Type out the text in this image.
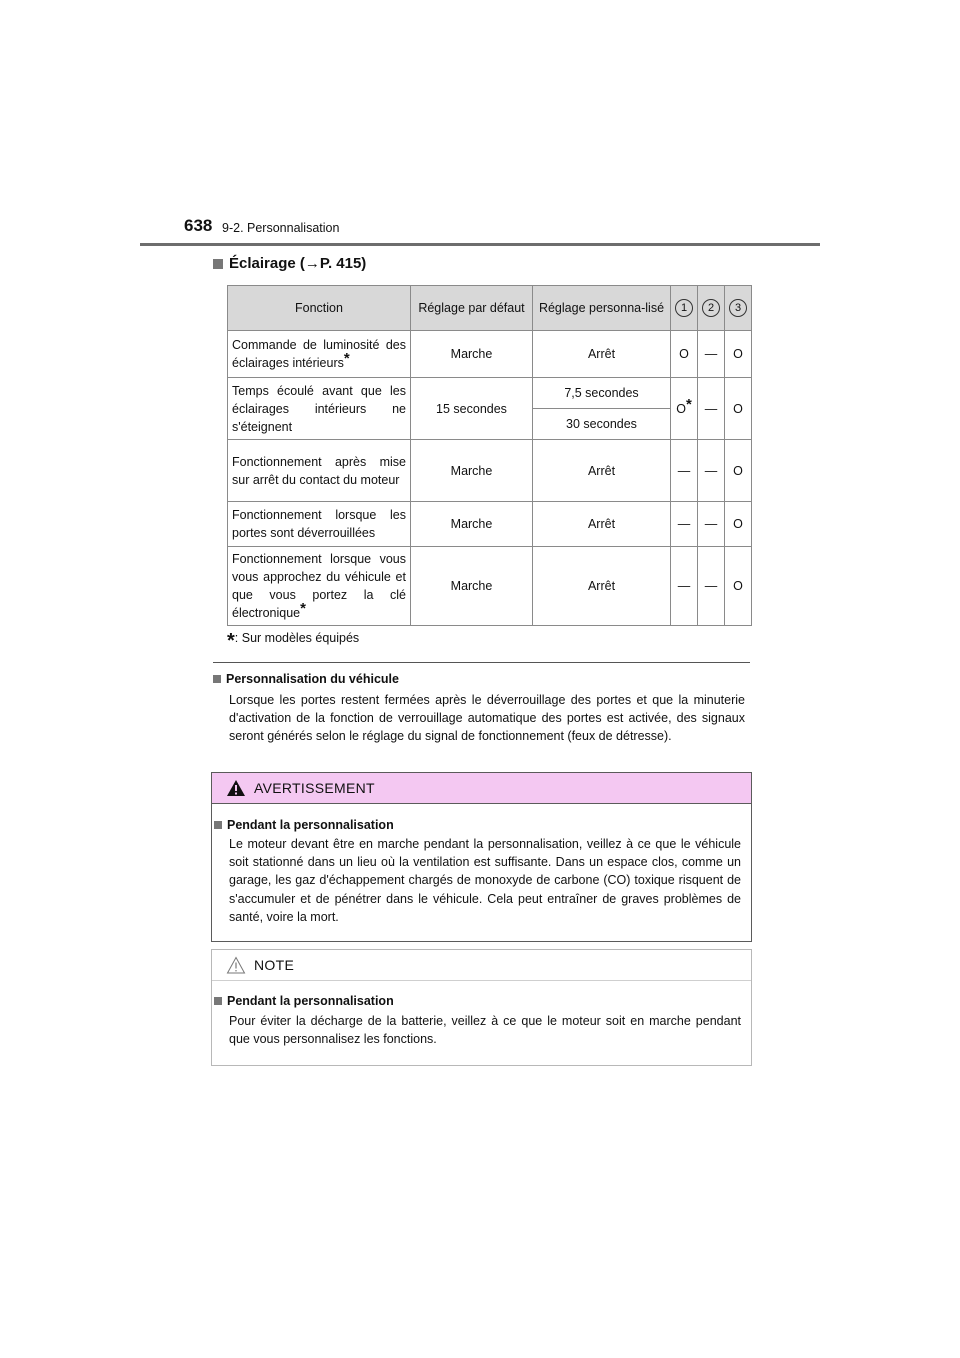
638 9-2. Personnalisation
Éclairage (→P. 415)
Fonction	Réglage par défaut	Réglage personna-lisé	1	2	3
Commande de luminosité des éclairages intérieurs*	Marche	Arrêt	O	—	O
Temps écoulé avant que les éclairages intérieurs ne s'éteignent	15 secondes	7,5 secondes	O*	—	O
		30 secondes			
Fonctionnement après mise sur arrêt du contact du moteur	Marche	Arrêt	—	—	O
Fonctionnement lorsque les portes sont déverrouillées	Marche	Arrêt	—	—	O
Fonctionnement lorsque vous vous approchez du véhicule et que vous portez la clé électronique*	Marche	Arrêt	—	—	O
*: Sur modèles équipés
Personnalisation du véhicule
Lorsque les portes restent fermées après le déverrouillage des portes et que la minuterie d'activation de la fonction de verrouillage automatique des portes est activée, des signaux seront générés selon le réglage du signal de fonctionnement (feux de détresse).
AVERTISSEMENT
Pendant la personnalisation
Le moteur devant être en marche pendant la personnalisation, veillez à ce que le véhicule soit stationné dans un lieu où la ventilation est suffisante. Dans un espace clos, comme un garage, les gaz d'échappement chargés de monoxyde de carbone (CO) toxique risquent de s'accumuler et de pénétrer dans le véhicule. Cela peut entraîner de graves problèmes de santé, voire la mort.
NOTE
Pendant la personnalisation
Pour éviter la décharge de la batterie, veillez à ce que le moteur soit en marche pendant que vous personnalisez les fonctions.
